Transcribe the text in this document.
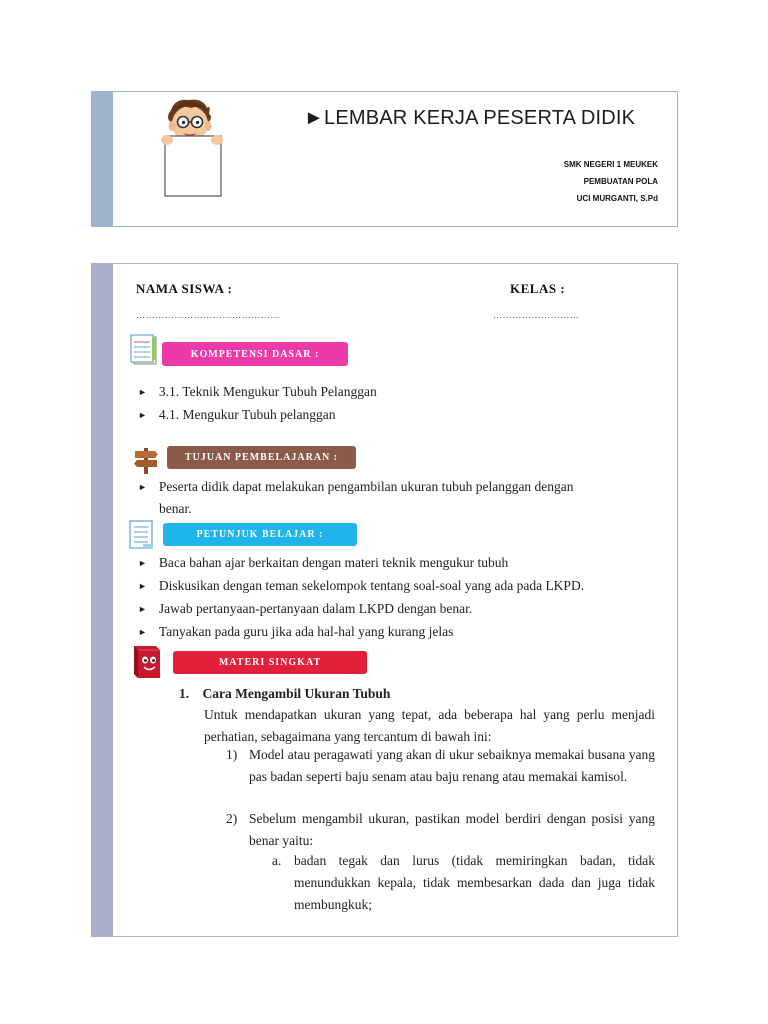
►LEMBAR KERJA PESERTA DIDIK
SMK NEGERI 1 MEUKEK
PEMBUATAN POLA
UCI MURGANTI, S.Pd
NAMA SISWA :	KELAS :
………………………………………	………………………
KOMPETENSI DASAR :
► 3.1. Teknik Mengukur Tubuh Pelanggan
► 4.1. Mengukur Tubuh pelanggan
TUJUAN PEMBELAJARAN :
► Peserta didik dapat melakukan pengambilan ukuran tubuh pelanggan dengan
benar.
PETUNJUK BELAJAR :
► Baca bahan ajar berkaitan dengan materi teknik mengukur tubuh
► Diskusikan dengan teman sekelompok tentang soal-soal yang ada pada LKPD.
► Jawab pertanyaan-pertanyaan dalam LKPD dengan benar.
► Tanyakan pada guru jika ada hal-hal yang kurang jelas
MATERI SINGKAT
1. Cara Mengambil Ukuran Tubuh
Untuk mendapatkan ukuran yang tepat, ada beberapa hal yang perlu menjadi perhatian, sebagaimana yang tercantum di bawah ini:
1) Model atau peragawati yang akan di ukur sebaiknya memakai busana yang pas badan seperti baju senam atau baju renang atau memakai kamisol.
2) Sebelum mengambil ukuran, pastikan model berdiri dengan posisi yang benar yaitu:
a. badan tegak dan lurus (tidak memiringkan badan, tidak menundukkan kepala, tidak membesarkan dada dan juga tidak membungkuk;
